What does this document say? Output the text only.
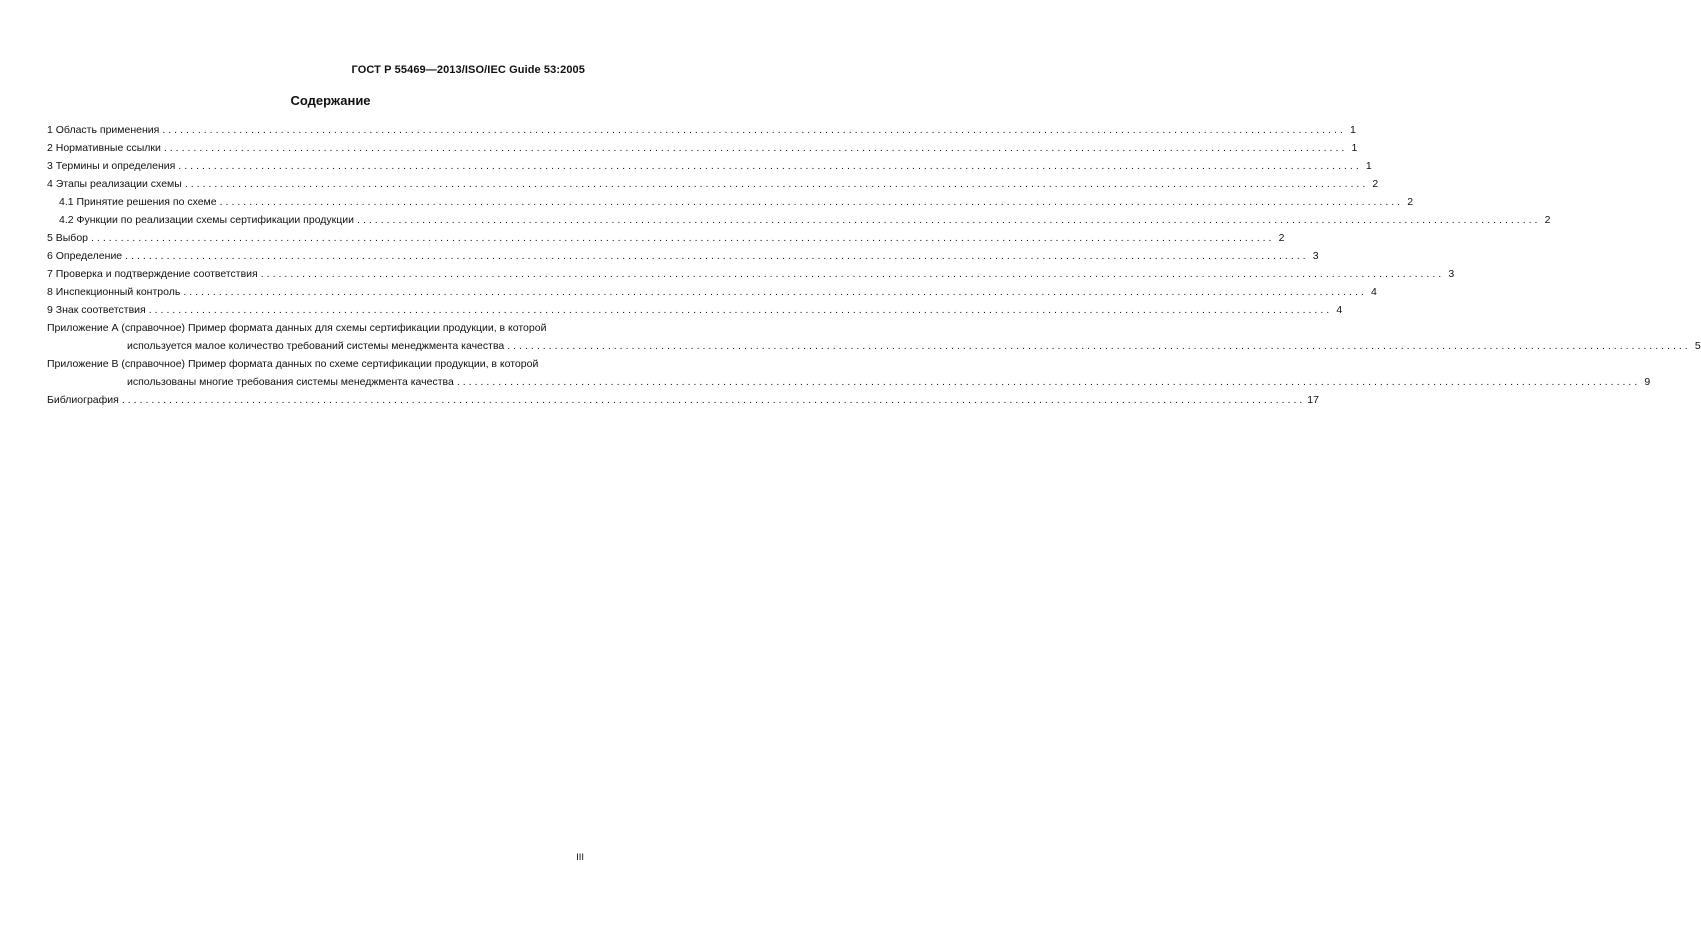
ГОСТ Р 55469—2013/ISO/IEC Guide 53:2005
Содержание
1 Область применения ........................................................................................................................................................................................................ 1
2 Нормативные ссылки ........................................................................................................................................................................................................ 1
3 Термины и определения ........................................................................................................................................................................................................ 1
4 Этапы реализации схемы ........................................................................................................................................................................................................ 2
4.1 Принятие решения по схеме ........................................................................................................................................................................................................ 2
4.2 Функции по реализации схемы сертификации продукции ........................................................................................................................................................................................................ 2
5 Выбор ........................................................................................................................................................................................................ 2
6 Определение ........................................................................................................................................................................................................ 3
7 Проверка и подтверждение соответствия ........................................................................................................................................................................................................ 3
8 Инспекционный контроль ........................................................................................................................................................................................................ 4
9 Знак соответствия ........................................................................................................................................................................................................ 4
Приложение А (справочное) Пример формата данных для схемы сертификации продукции, в которой
используется малое количество требований системы менеджмента качества ........................................................................................................................................................................................................ 5
Приложение В (справочное) Пример формата данных по схеме сертификации продукции, в которой
использованы многие требования системы менеджмента качества ........................................................................................................................................................................................................ 9
Библиография ........................................................................................................................................................................................................ 17
III
